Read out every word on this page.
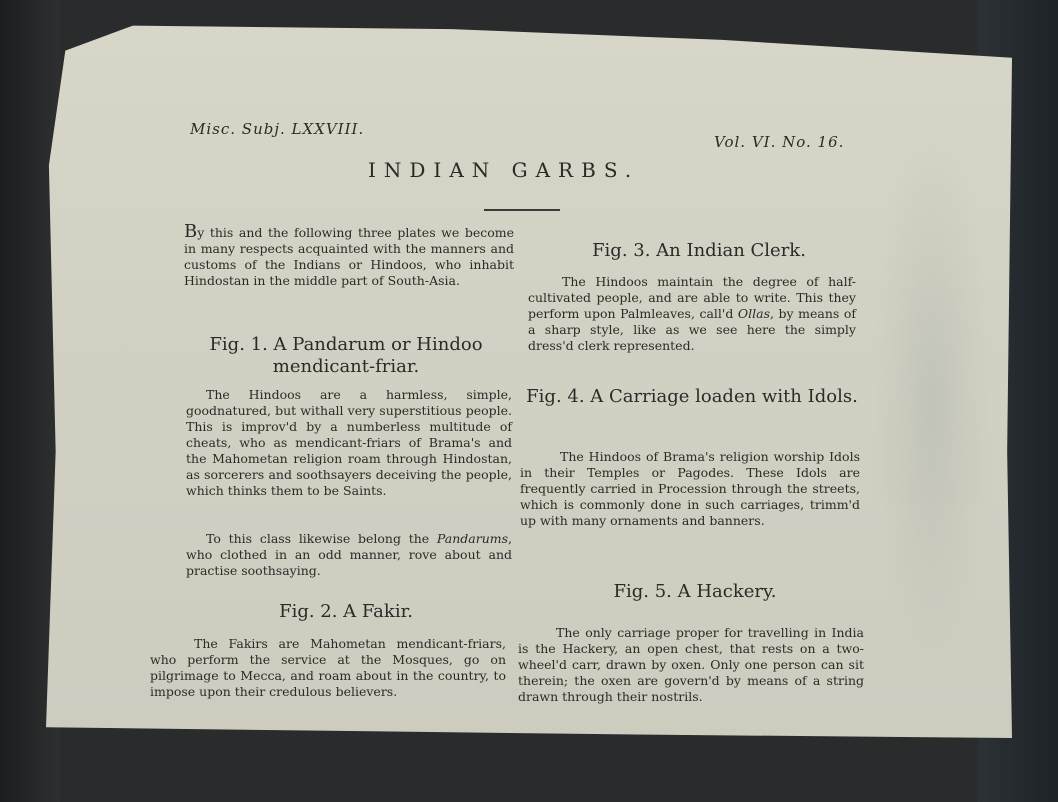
Misc. Subj. LXXVIII.
Vol. VI. No. 16.
INDIAN GARBS.
By this and the following three plates we become in many respects acquainted with the manners and customs of the Indians or Hindoos, who inhabit Hindostan in the middle part of South-Asia.
Fig. 1. A Pandarum or Hindoo mendicant-friar.
The Hindoos are a harmless, simple, goodnatured, but withall very superstitious people. This is improv'd by a numberless multitude of cheats, who as mendicant-friars of Brama's and the Mahometan religion roam through Hindostan, as sorcerers and soothsayers deceiving the people, which thinks them to be Saints.
To this class likewise belong the Pandarums, who clothed in an odd manner, rove about and practise soothsaying.
Fig. 2. A Fakir.
The Fakirs are Mahometan mendicant-friars, who perform the service at the Mosques, go on pilgrimage to Mecca, and roam about in the country, to impose upon their credulous believers.
Fig. 3. An Indian Clerk.
The Hindoos maintain the degree of half-cultivated people, and are able to write. This they perform upon Palmleaves, call'd Ollas, by means of a sharp style, like as we see here the simply dress'd clerk represented.
Fig. 4. A Carriage loaden with Idols.
The Hindoos of Brama's religion worship Idols in their Temples or Pagodes. These Idols are frequently carried in Procession through the streets, which is commonly done in such carriages, trimm'd up with many ornaments and banners.
Fig. 5. A Hackery.
The only carriage proper for travelling in India is the Hackery, an open chest, that rests on a two-wheel'd carr, drawn by oxen. Only one person can sit therein; the oxen are govern'd by means of a string drawn through their nostrils.
